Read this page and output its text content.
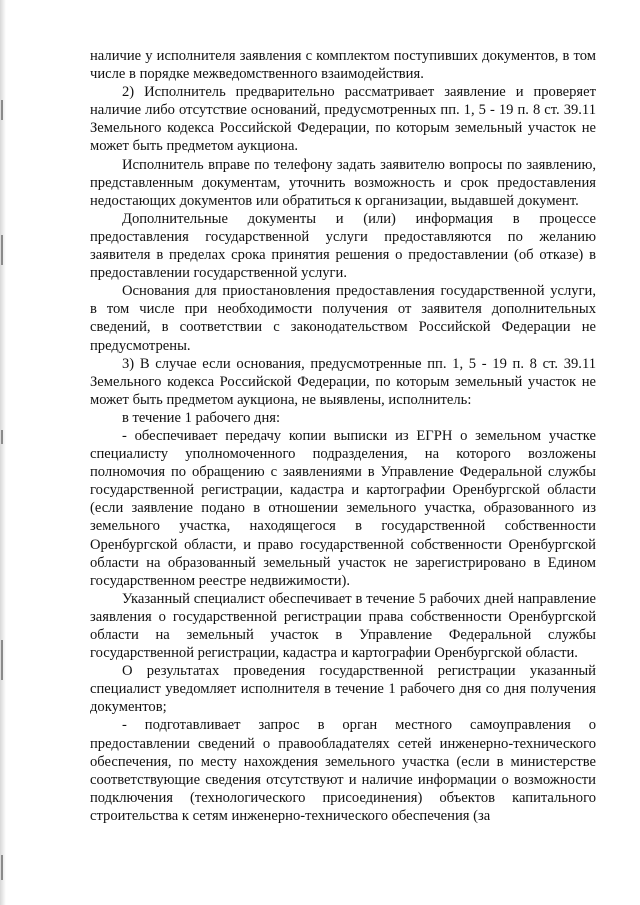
наличие у исполнителя заявления с комплектом поступивших документов, в том числе в порядке межведомственного взаимодействия.

2) Исполнитель предварительно рассматривает заявление и проверяет наличие либо отсутствие оснований, предусмотренных пп. 1, 5 - 19 п. 8 ст. 39.11 Земельного кодекса Российской Федерации, по которым земельный участок не может быть предметом аукциона.

Исполнитель вправе по телефону задать заявителю вопросы по заявлению, представленным документам, уточнить возможность и срок предоставления недостающих документов или обратиться к организации, выдавшей документ.

Дополнительные документы и (или) информация в процессе предоставления государственной услуги предоставляются по желанию заявителя в пределах срока принятия решения о предоставлении (об отказе) в предоставлении государственной услуги.

Основания для приостановления предоставления государственной услуги, в том числе при необходимости получения от заявителя дополнительных сведений, в соответствии с законодательством Российской Федерации не предусмотрены.

3) В случае если основания, предусмотренные пп. 1, 5 - 19 п. 8 ст. 39.11 Земельного кодекса Российской Федерации, по которым земельный участок не может быть предметом аукциона, не выявлены, исполнитель:

в течение 1 рабочего дня:

- обеспечивает передачу копии выписки из ЕГРН о земельном участке специалисту уполномоченного подразделения, на которого возложены полномочия по обращению с заявлениями в Управление Федеральной службы государственной регистрации, кадастра и картографии Оренбургской области (если заявление подано в отношении земельного участка, образованного из земельного участка, находящегося в государственной собственности Оренбургской области, и право государственной собственности Оренбургской области на образованный земельный участок не зарегистрировано в Едином государственном реестре недвижимости).

Указанный специалист обеспечивает в течение 5 рабочих дней направление заявления о государственной регистрации права собственности Оренбургской области на земельный участок в Управление Федеральной службы государственной регистрации, кадастра и картографии Оренбургской области.

О результатах проведения государственной регистрации указанный специалист уведомляет исполнителя в течение 1 рабочего дня со дня получения документов;

- подготавливает запрос в орган местного самоуправления о предоставлении сведений о правообладателях сетей инженерно-технического обеспечения, по месту нахождения земельного участка (если в министерстве соответствующие сведения отсутствуют и наличие информации о возможности подключения (технологического присоединения) объектов капитального строительства к сетям инженерно-технического обеспечения (за
